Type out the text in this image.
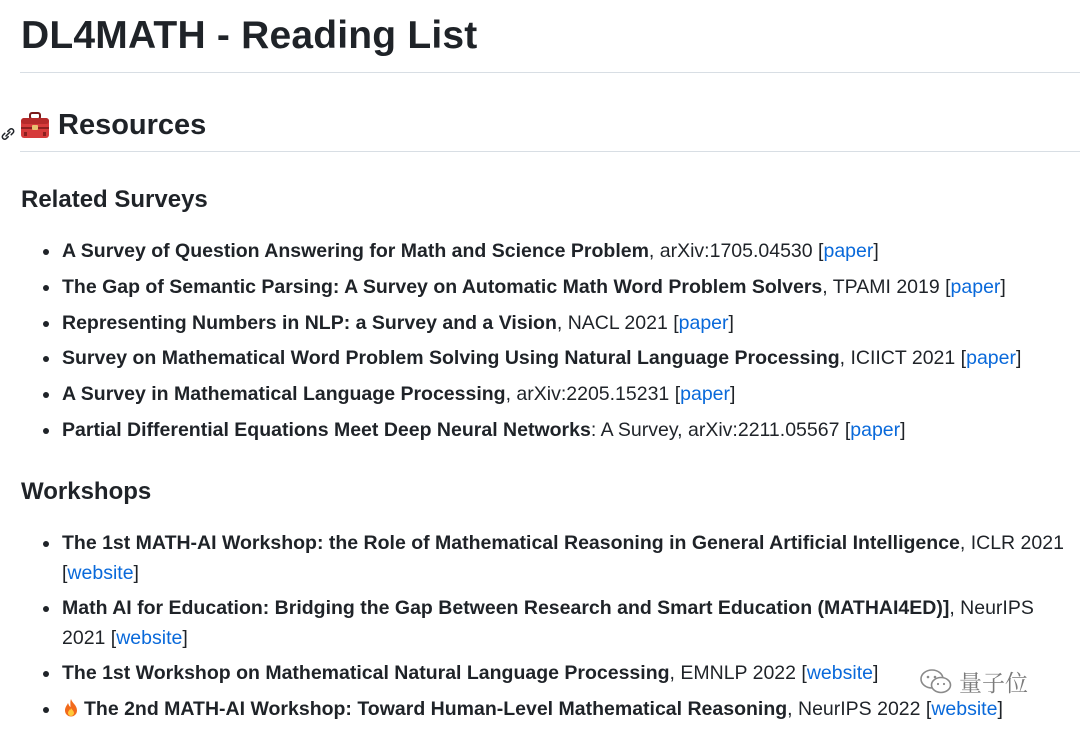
DL4MATH - Reading List
Resources
Related Surveys
A Survey of Question Answering for Math and Science Problem, arXiv:1705.04530 [paper]
The Gap of Semantic Parsing: A Survey on Automatic Math Word Problem Solvers, TPAMI 2019 [paper]
Representing Numbers in NLP: a Survey and a Vision, NACL 2021 [paper]
Survey on Mathematical Word Problem Solving Using Natural Language Processing, ICIICT 2021 [paper]
A Survey in Mathematical Language Processing, arXiv:2205.15231 [paper]
Partial Differential Equations Meet Deep Neural Networks: A Survey, arXiv:2211.05567 [paper]
Workshops
The 1st MATH-AI Workshop: the Role of Mathematical Reasoning in General Artificial Intelligence, ICLR 2021 [website]
Math AI for Education: Bridging the Gap Between Research and Smart Education (MATHAI4ED)], NeurIPS 2021 [website]
The 1st Workshop on Mathematical Natural Language Processing, EMNLP 2022 [website]
The 2nd MATH-AI Workshop: Toward Human-Level Mathematical Reasoning, NeurIPS 2022 [website]
量子位
